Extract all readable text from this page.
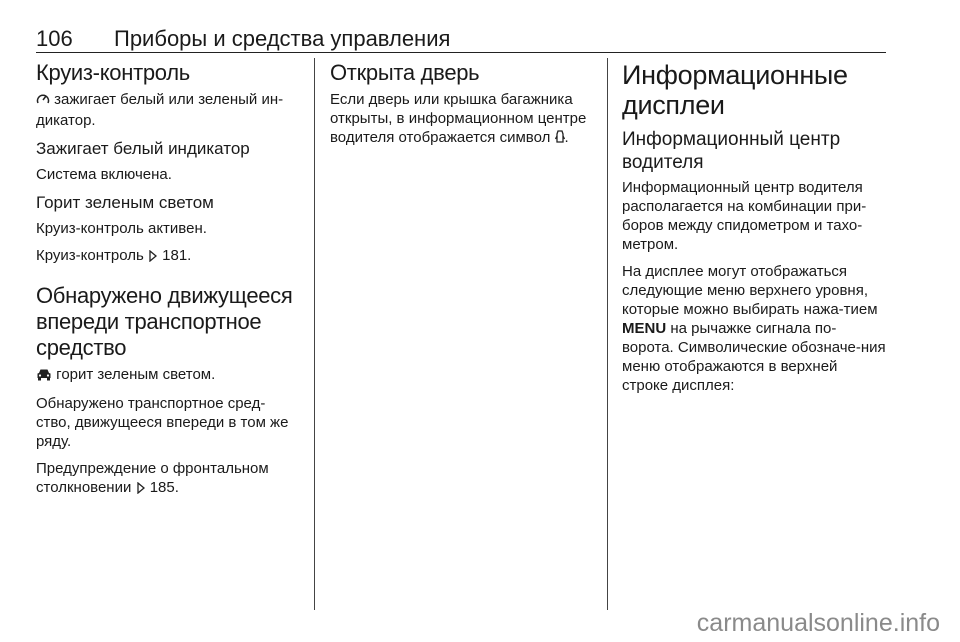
106 Приборы и средства управления
Круиз-контроль
зажигает белый или зеленый ин-дикатор.
Зажигает белый индикатор
Система включена.
Горит зеленым светом
Круиз-контроль активен.
Круиз-контроль 181.
Обнаружено движущееся впереди транспортное средство
горит зеленым светом.
Обнаружено транспортное сред-ство, движущееся впереди в том же ряду.
Предупреждение о фронтальном столкновении 185.
Открыта дверь
Если дверь или крышка багажника открыты, в информационном центре водителя отображается символ .
Информационные дисплеи
Информационный центр водителя
Информационный центр водителя располагается на комбинации при-боров между спидометром и тахо-метром.
На дисплее могут отображаться следующие меню верхнего уровня, которые можно выбирать нажа-тием MENU на рычажке сигнала по-ворота. Символические обозначе-ния меню отображаются в верхней строке дисплея:
carmanualsonline.info
